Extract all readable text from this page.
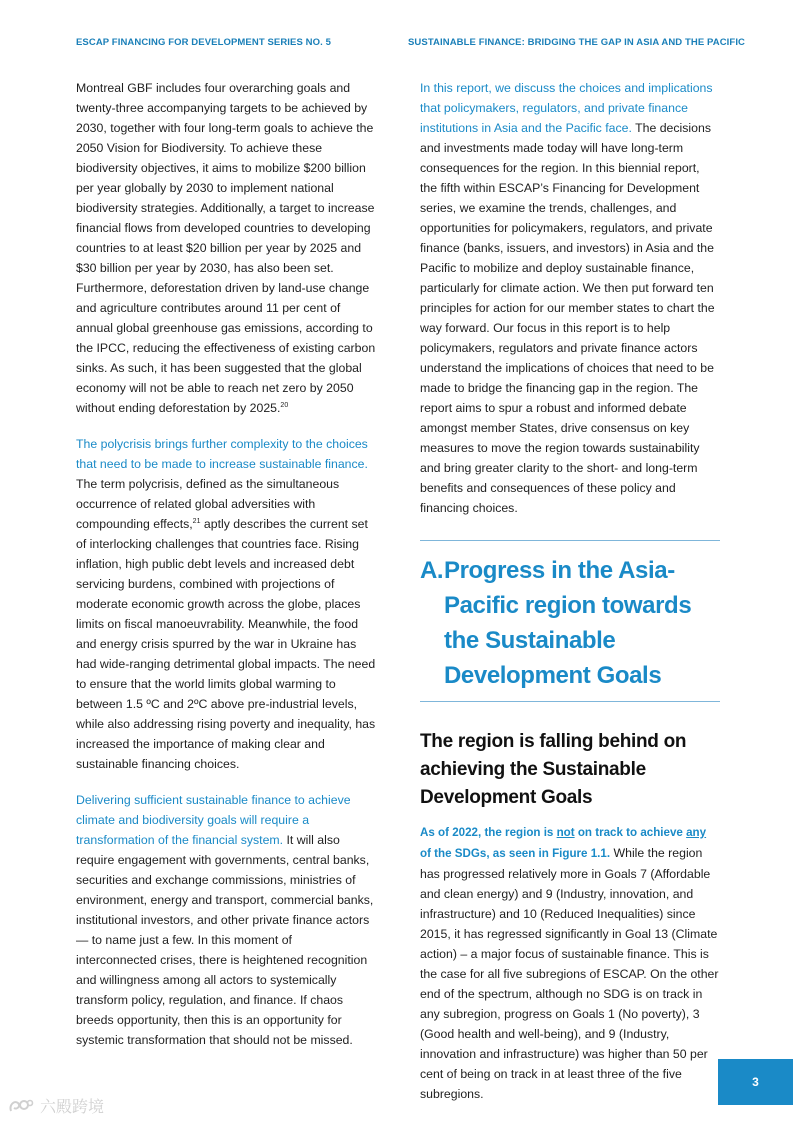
ESCAP FINANCING FOR DEVELOPMENT SERIES NO. 5	SUSTAINABLE FINANCE: BRIDGING THE GAP IN ASIA AND THE PACIFIC

Montreal GBF includes four overarching goals and twenty-three accompanying targets to be achieved by 2030, together with four long-term goals to achieve the 2050 Vision for Biodiversity. To achieve these biodiversity objectives, it aims to mobilize $200 billion per year globally by 2030 to implement national biodiversity strategies. Additionally, a target to increase financial flows from developed countries to developing countries to at least $20 billion per year by 2025 and $30 billion per year by 2030, has also been set. Furthermore, deforestation driven by land-use change and agriculture contributes around 11 per cent of annual global greenhouse gas emissions, according to the IPCC, reducing the effectiveness of existing carbon sinks. As such, it has been suggested that the global economy will not be able to reach net zero by 2050 without ending deforestation by 2025.20

The polycrisis brings further complexity to the choices that need to be made to increase sustainable finance. The term polycrisis, defined as the simultaneous occurrence of related global adversities with compounding effects,$^{21}$ aptly describes the current set of interlocking challenges that countries face. Rising inflation, high public debt levels and increased debt servicing burdens, combined with projections of moderate economic growth across the globe, places limits on fiscal manoeuvrability. Meanwhile, the food and energy crisis spurred by the war in Ukraine has had wide-ranging detrimental global impacts. The need to ensure that the world limits global warming to between 1.5 ºC and 2ºC above pre-industrial levels, while also addressing rising poverty and inequality, has increased the importance of making clear and sustainable financing choices.

Delivering sufficient sustainable finance to achieve climate and biodiversity goals will require a transformation of the financial system. It will also require engagement with governments, central banks, securities and exchange commissions, ministries of environment, energy and transport, commercial banks, institutional investors, and other private finance actors — to name just a few. In this moment of interconnected crises, there is heightened recognition and willingness among all actors to systemically transform policy, regulation, and finance. If chaos breeds opportunity, then this is an opportunity for systemic transformation that should not be missed.

In this report, we discuss the choices and implications that policymakers, regulators, and private finance institutions in Asia and the Pacific face. The decisions and investments made today will have long-term consequences for the region. In this biennial report, the fifth within ESCAP’s Financing for Development series, we examine the trends, challenges, and opportunities for policymakers, regulators, and private finance (banks, issuers, and investors) in Asia and the Pacific to mobilize and deploy sustainable finance, particularly for climate action. We then put forward ten principles for action for our member states to chart the way forward. Our focus in this report is to help policymakers, regulators and private finance actors understand the implications of choices that need to be made to bridge the financing gap in the region. The report aims to spur a robust and informed debate amongst member States, drive consensus on key measures to move the region towards sustainability and bring greater clarity to the short- and long-term benefits and consequences of these policy and financing choices.

A. Progress in the Asia-Pacific region towards the Sustainable Development Goals
The region is falling behind on achieving the Sustainable Development Goals

As of 2022, the region is not on track to achieve any of the SDGs, as seen in Figure 1.1. While the region has progressed relatively more in Goals 7 (Affordable and clean energy) and 9 (Industry, innovation, and infrastructure) and 10 (Reduced Inequalities) since 2015, it has regressed significantly in Goal 13 (Climate action) – a major focus of sustainable finance. This is the case for all five subregions of ESCAP. On the other end of the spectrum, although no SDG is on track in any subregion, progress on Goals 1 (No poverty), 3 (Good health and well-being), and 9 (Industry, innovation and infrastructure) was higher than 50 per cent of being on track in at least three of the five subregions.

3
六殿跨境
